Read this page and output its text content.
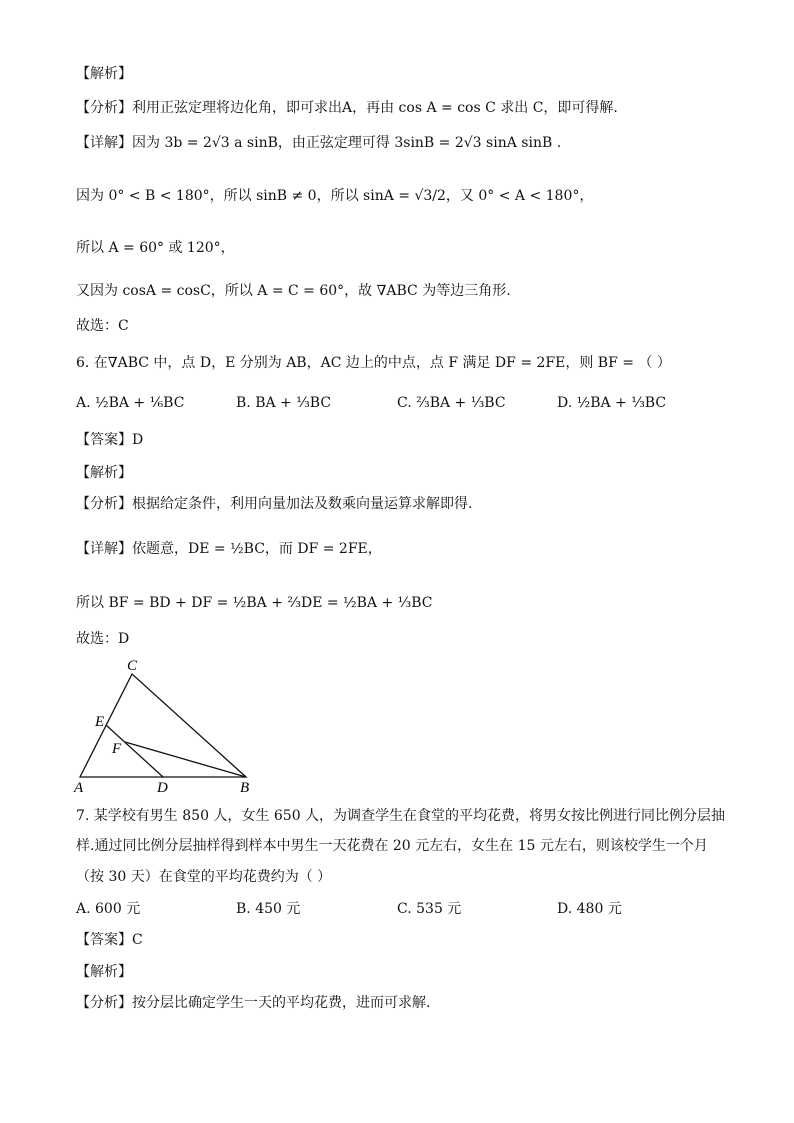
【解析】
【分析】利用正弦定理将边化角，即可求出A，再由 cos A = cos C 求出 C，即可得解.
【详解】因为 3b = 2√3 a sinB，由正弦定理可得 3sinB = 2√3 sinA sinB .
因为 0° < B < 180°，所以 sinB ≠ 0，所以 sinA = √3/2，又 0° < A < 180°，
所以 A = 60° 或 120°，
又因为 cosA = cosC，所以 A = C = 60°，故 ∇ABC 为等边三角形.
故选：C
6. 在∇ABC 中，点 D，E 分别为 AB，AC 边上的中点，点 F 满足 DF = 2FE，则 BF = （ ）
A. ½BA + ⅙BC	B. BA + ⅓BC	C. ⅔BA + ⅓BC	D. ½BA + ⅓BC
【答案】D
【解析】
【分析】根据给定条件，利用向量加法及数乘向量运算求解即得.
【详解】依题意，DE = ½BC，而 DF = 2FE，
所以 BF = BD + DF = ½BA + ⅔DE = ½BA + ⅓BC
故选：D
C
E
F
A	D	B
7. 某学校有男生 850 人，女生 650 人，为调查学生在食堂的平均花费，将男女按比例进行同比例分层抽
样.通过同比例分层抽样得到样本中男生一天花费在 20 元左右，女生在 15 元左右，则该校学生一个月
（按 30 天）在食堂的平均花费约为（ ）
A. 600 元	B. 450 元	C. 535 元	D. 480 元
【答案】C
【解析】
【分析】按分层比确定学生一天的平均花费，进而可求解.
